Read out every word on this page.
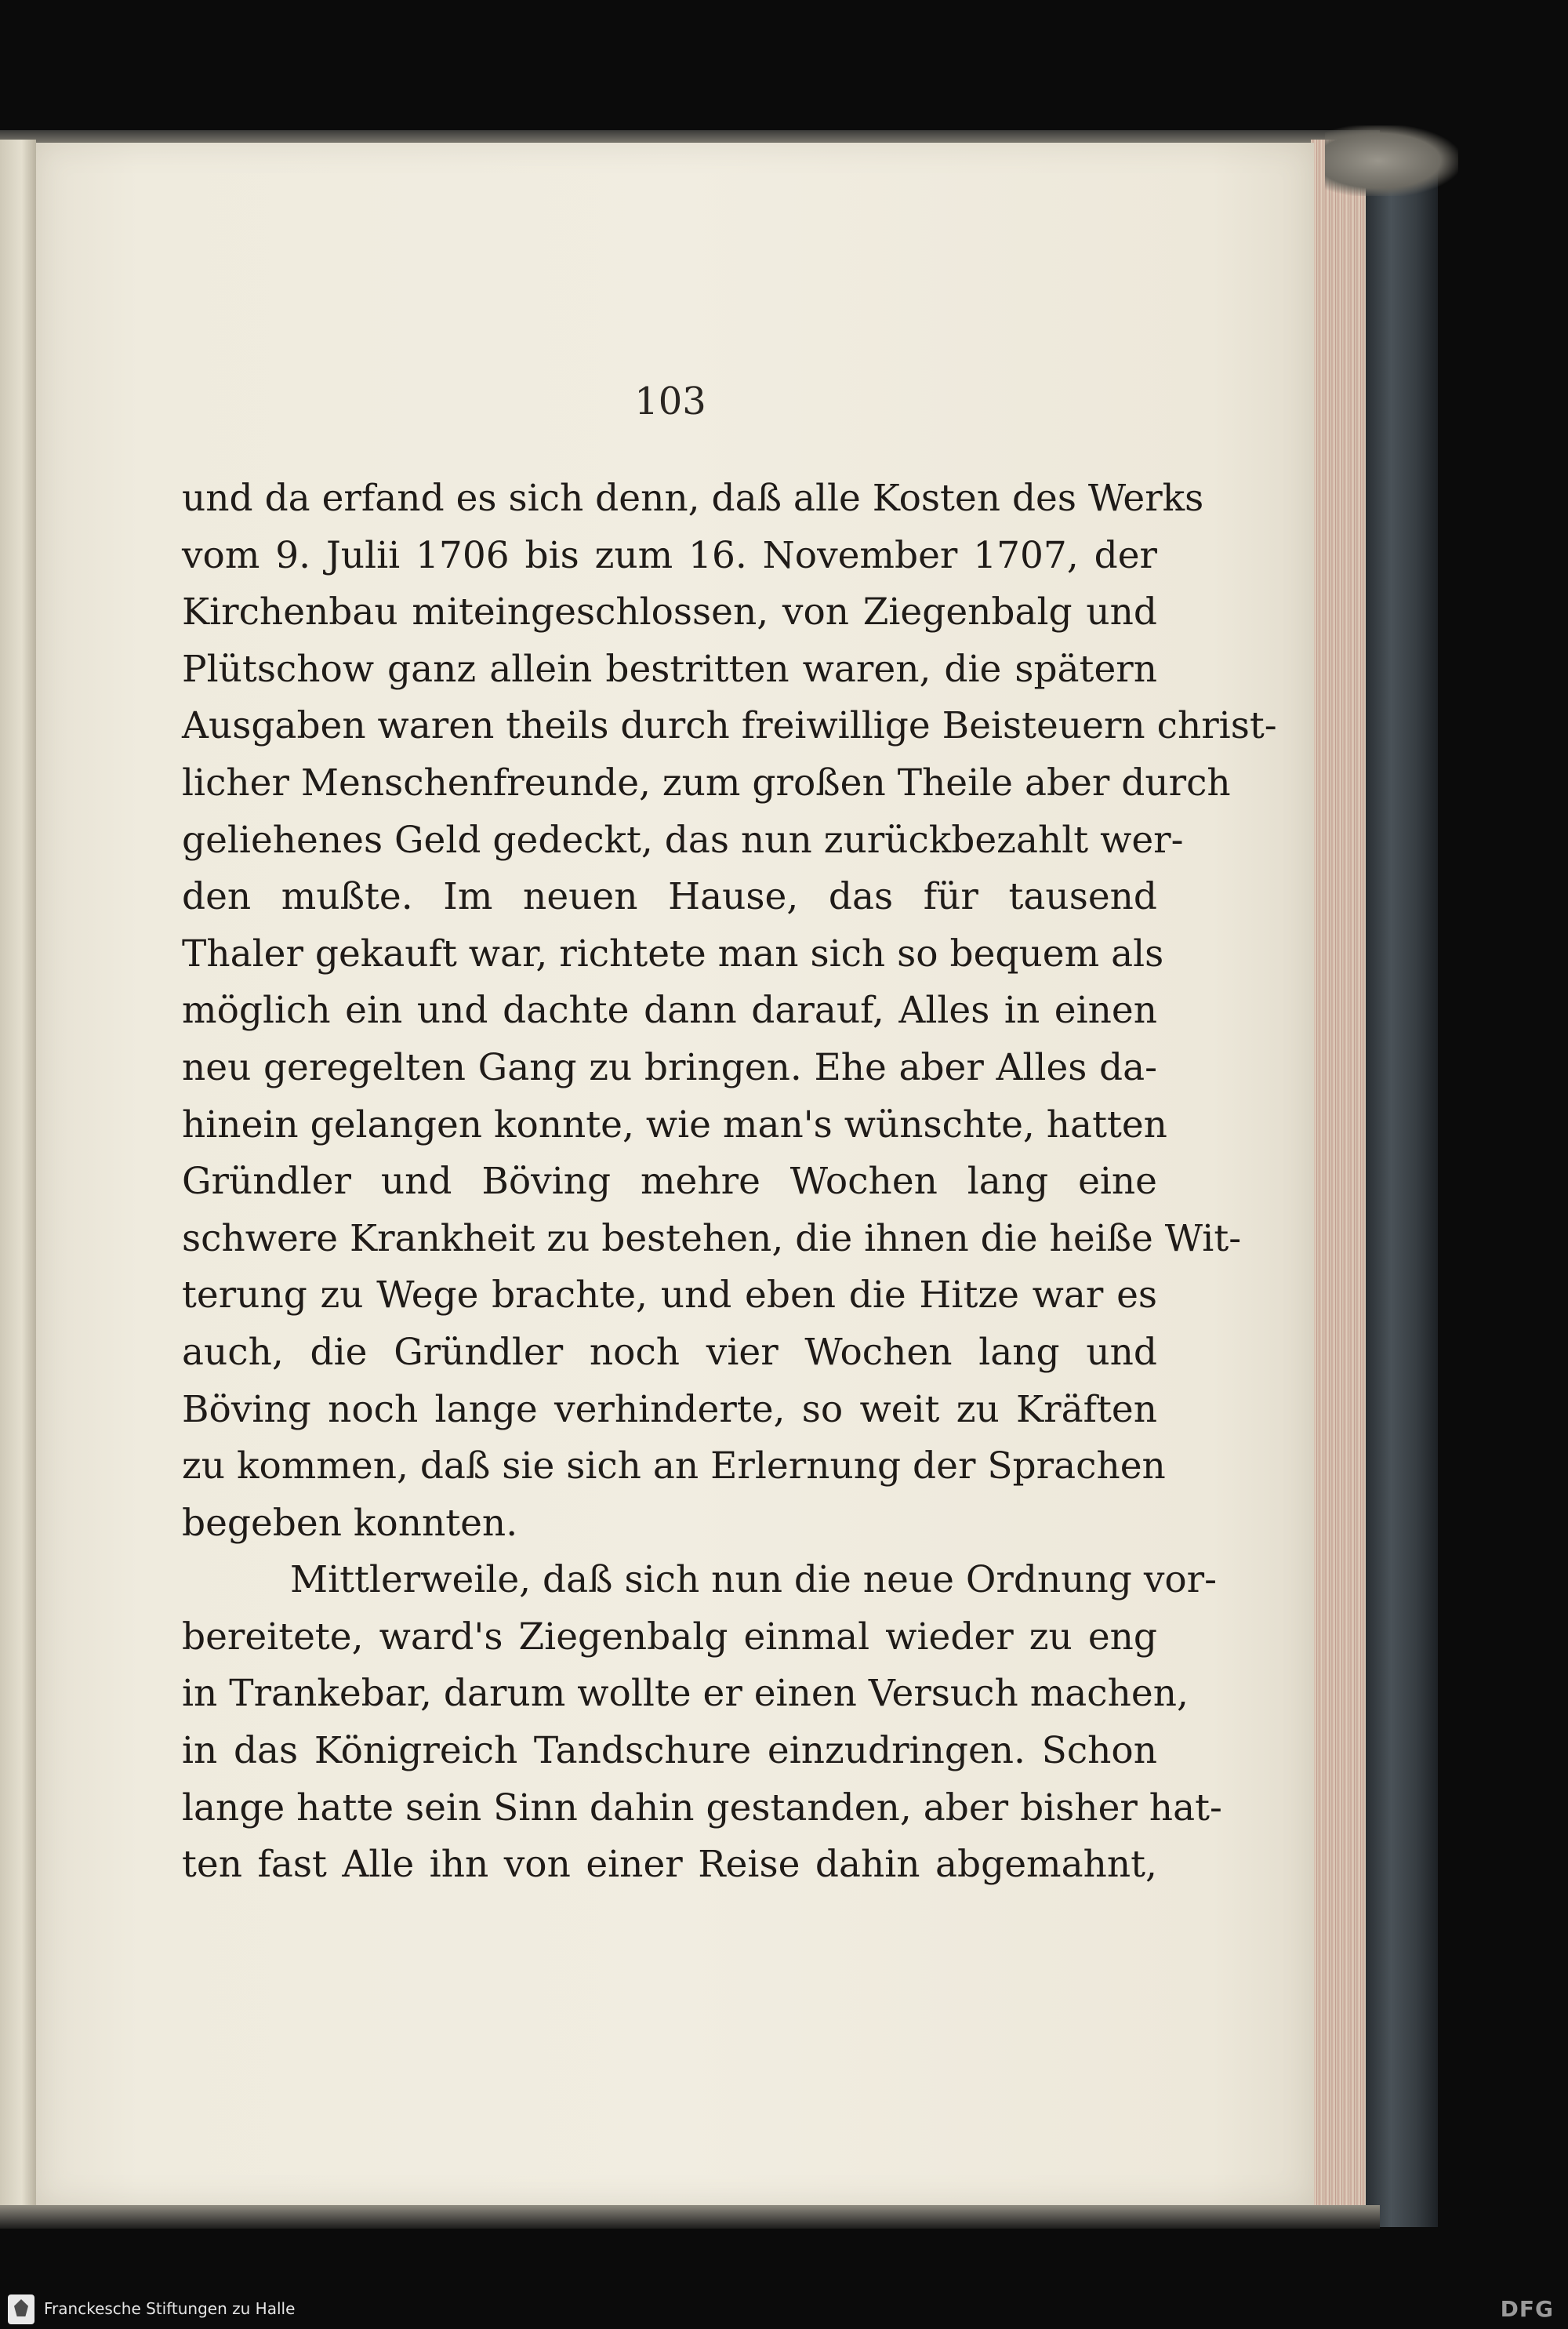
103
und da erfand es sich denn, daß alle Kosten des Werks
vom 9. Julii 1706 bis zum 16. November 1707, der
Kirchenbau miteingeschlossen, von Ziegenbalg und
Plütschow ganz allein bestritten waren, die spätern
Ausgaben waren theils durch freiwillige Beisteuern christ-
licher Menschenfreunde, zum großen Theile aber durch
geliehenes Geld gedeckt, das nun zurückbezahlt wer-
den mußte. Im neuen Hause, das für tausend
Thaler gekauft war, richtete man sich so bequem als
möglich ein und dachte dann darauf, Alles in einen
neu geregelten Gang zu bringen. Ehe aber Alles da-
hinein gelangen konnte, wie man's wünschte, hatten
Gründler und Böving mehre Wochen lang eine
schwere Krankheit zu bestehen, die ihnen die heiße Wit-
terung zu Wege brachte, und eben die Hitze war es
auch, die Gründler noch vier Wochen lang und
Böving noch lange verhinderte, so weit zu Kräften
zu kommen, daß sie sich an Erlernung der Sprachen
begeben konnten.
Mittlerweile, daß sich nun die neue Ordnung vor-
bereitete, ward's Ziegenbalg einmal wieder zu eng
in Trankebar, darum wollte er einen Versuch machen,
in das Königreich Tandschure einzudringen. Schon
lange hatte sein Sinn dahin gestanden, aber bisher hat-
ten fast Alle ihn von einer Reise dahin abgemahnt,
Franckesche Stiftungen zu Halle	DFG
